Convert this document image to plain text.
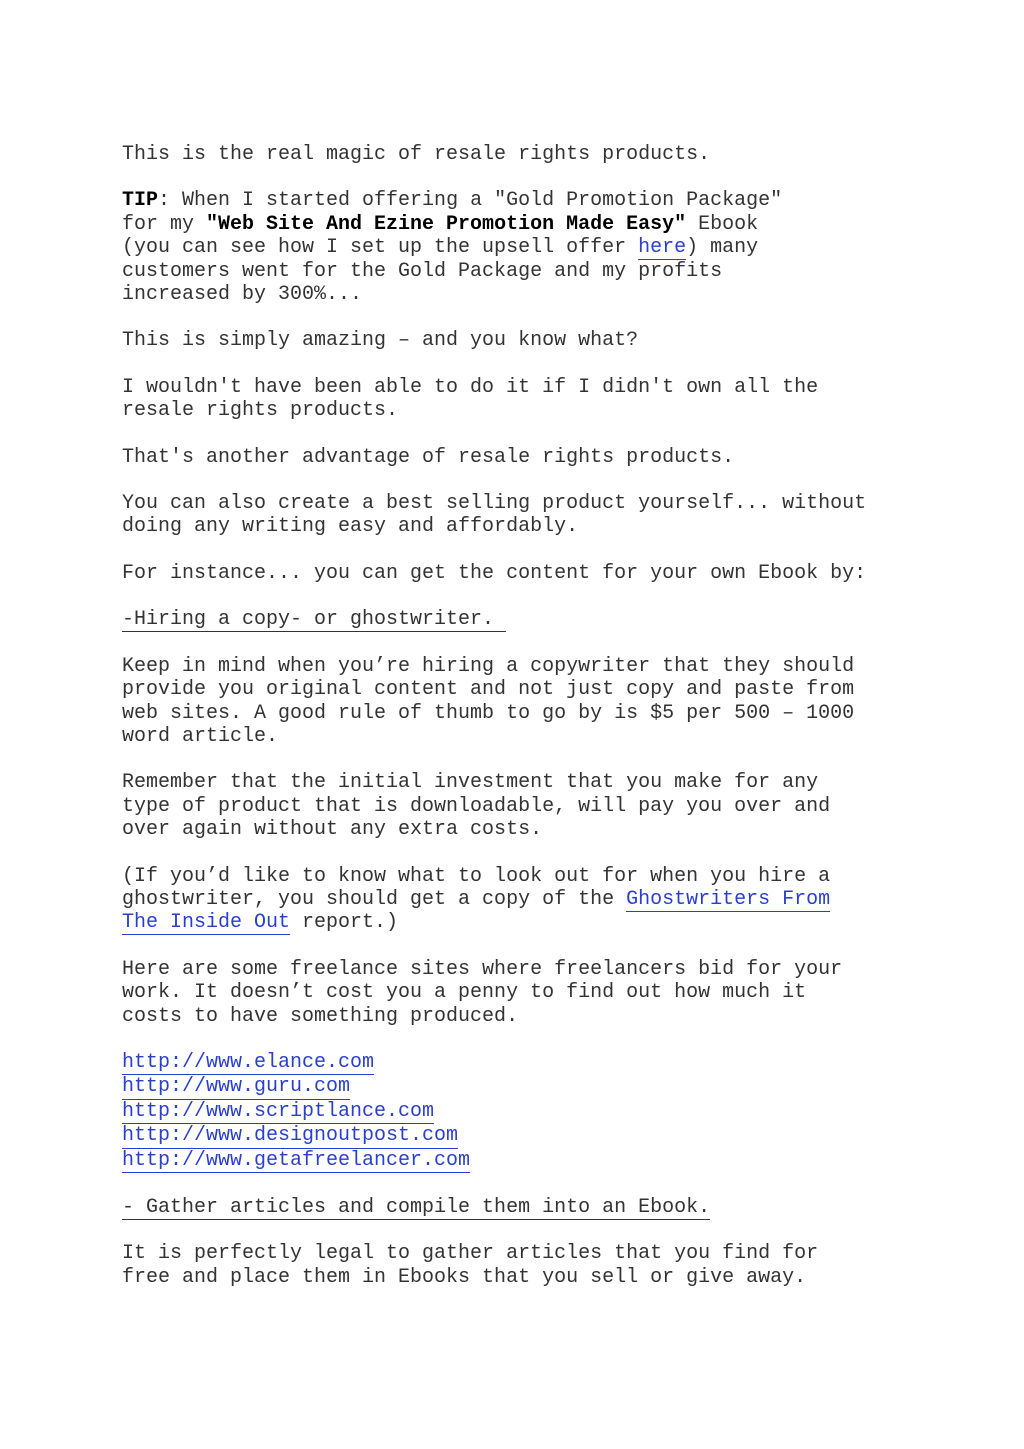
This is the real magic of resale rights products.
TIP: When I started offering a "Gold Promotion Package"
for my "Web Site And Ezine Promotion Made Easy" Ebook
(you can see how I set up the upsell offer here) many
customers went for the Gold Package and my profits
increased by 300%...
This is simply amazing – and you know what?
I wouldn't have been able to do it if I didn't own all the
resale rights products.
That's another advantage of resale rights products.
You can also create a best selling product yourself... without
doing any writing easy and affordably.
For instance... you can get the content for your own Ebook by:
-Hiring a copy- or ghostwriter.
Keep in mind when you’re hiring a copywriter that they should
provide you original content and not just copy and paste from
web sites. A good rule of thumb to go by is $5 per 500 – 1000
word article.
Remember that the initial investment that you make for any
type of product that is downloadable, will pay you over and
over again without any extra costs.
(If you’d like to know what to look out for when you hire a
ghostwriter, you should get a copy of the Ghostwriters From
The Inside Out report.)
Here are some freelance sites where freelancers bid for your
work. It doesn’t cost you a penny to find out how much it
costs to have something produced.
http://www.elance.com
http://www.guru.com
http://www.scriptlance.com
http://www.designoutpost.com
http://www.getafreelancer.com
- Gather articles and compile them into an Ebook.
It is perfectly legal to gather articles that you find for
free and place them in Ebooks that you sell or give away.
